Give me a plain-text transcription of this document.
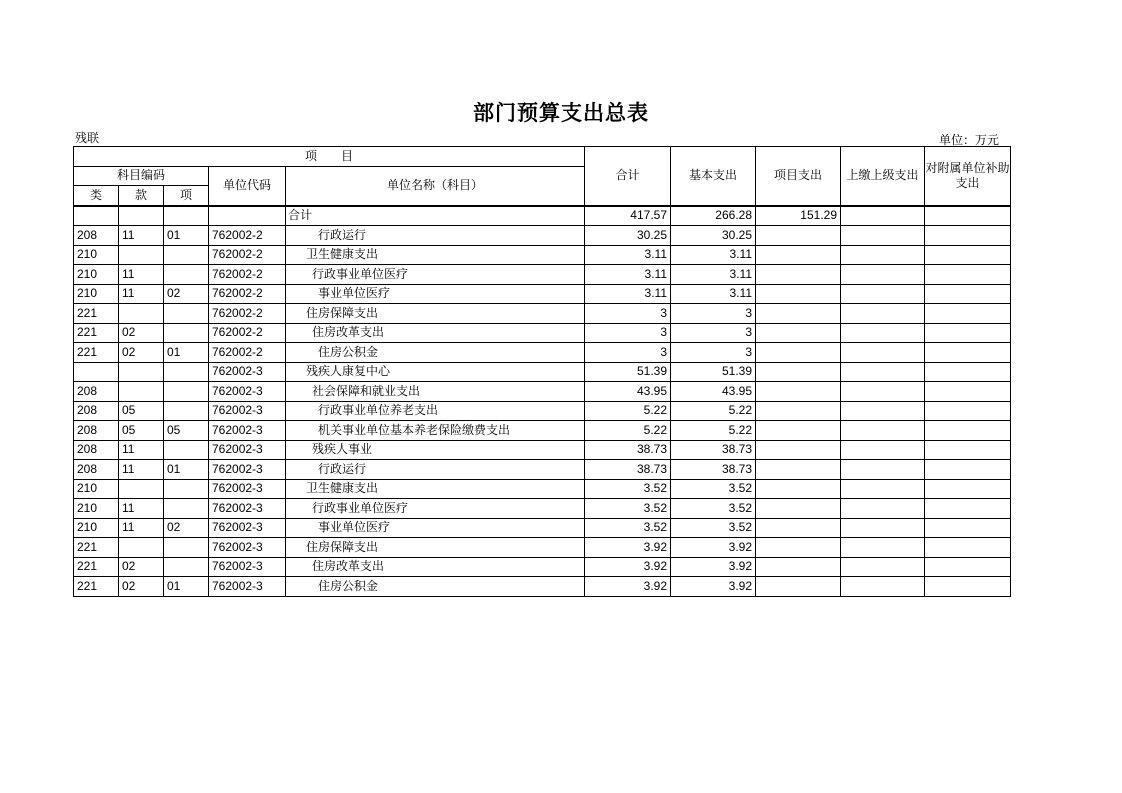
部门预算支出总表
残联	单位：万元
项　　目					合计	基本支出	项目支出	上缴上级支出	对附属单位补助支出
科目编码			单位代码	单位名称（科目）					
类	款	项							
				合计	417.57	266.28	151.29		
208	11	01	762002-2	行政运行	30.25	30.25			
210			762002-2	卫生健康支出	3.11	3.11			
210	11		762002-2	行政事业单位医疗	3.11	3.11			
210	11	02	762002-2	事业单位医疗	3.11	3.11			
221			762002-2	住房保障支出	3	3			
221	02		762002-2	住房改革支出	3	3			
221	02	01	762002-2	住房公积金	3	3			
			762002-3	残疾人康复中心	51.39	51.39			
208			762002-3	社会保障和就业支出	43.95	43.95			
208	05		762002-3	行政事业单位养老支出	5.22	5.22			
208	05	05	762002-3	机关事业单位基本养老保险缴费支出	5.22	5.22			
208	11		762002-3	残疾人事业	38.73	38.73			
208	11	01	762002-3	行政运行	38.73	38.73			
210			762002-3	卫生健康支出	3.52	3.52			
210	11		762002-3	行政事业单位医疗	3.52	3.52			
210	11	02	762002-3	事业单位医疗	3.52	3.52			
221			762002-3	住房保障支出	3.92	3.92			
221	02		762002-3	住房改革支出	3.92	3.92			
221	02	01	762002-3	住房公积金	3.92	3.92			
